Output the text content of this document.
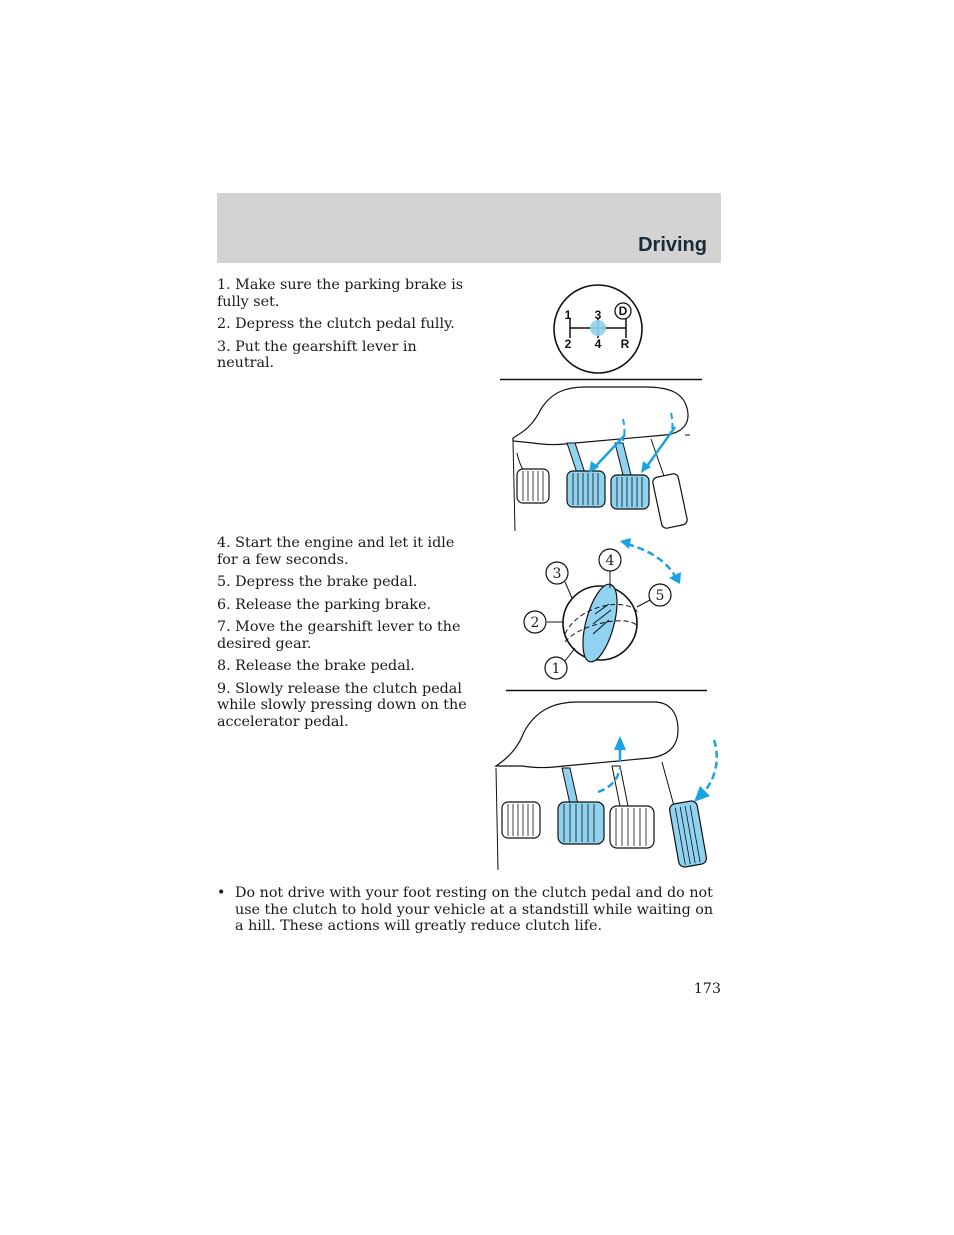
Driving
1. Make sure the parking brake is fully set.
2. Depress the clutch pedal fully.
3. Put the gearshift lever in neutral.
4. Start the engine and let it idle for a few seconds.
5. Depress the brake pedal.
6. Release the parking brake.
7. Move the gearshift lever to the desired gear.
8. Release the brake pedal.
9. Slowly release the clutch pedal while slowly pressing down on the accelerator pedal.
1 3 D
2 4 R
2
1
3
4
5
• Do not drive with your foot resting on the clutch pedal and do not use the clutch to hold your vehicle at a standstill while waiting on a hill. These actions will greatly reduce clutch life.
173
